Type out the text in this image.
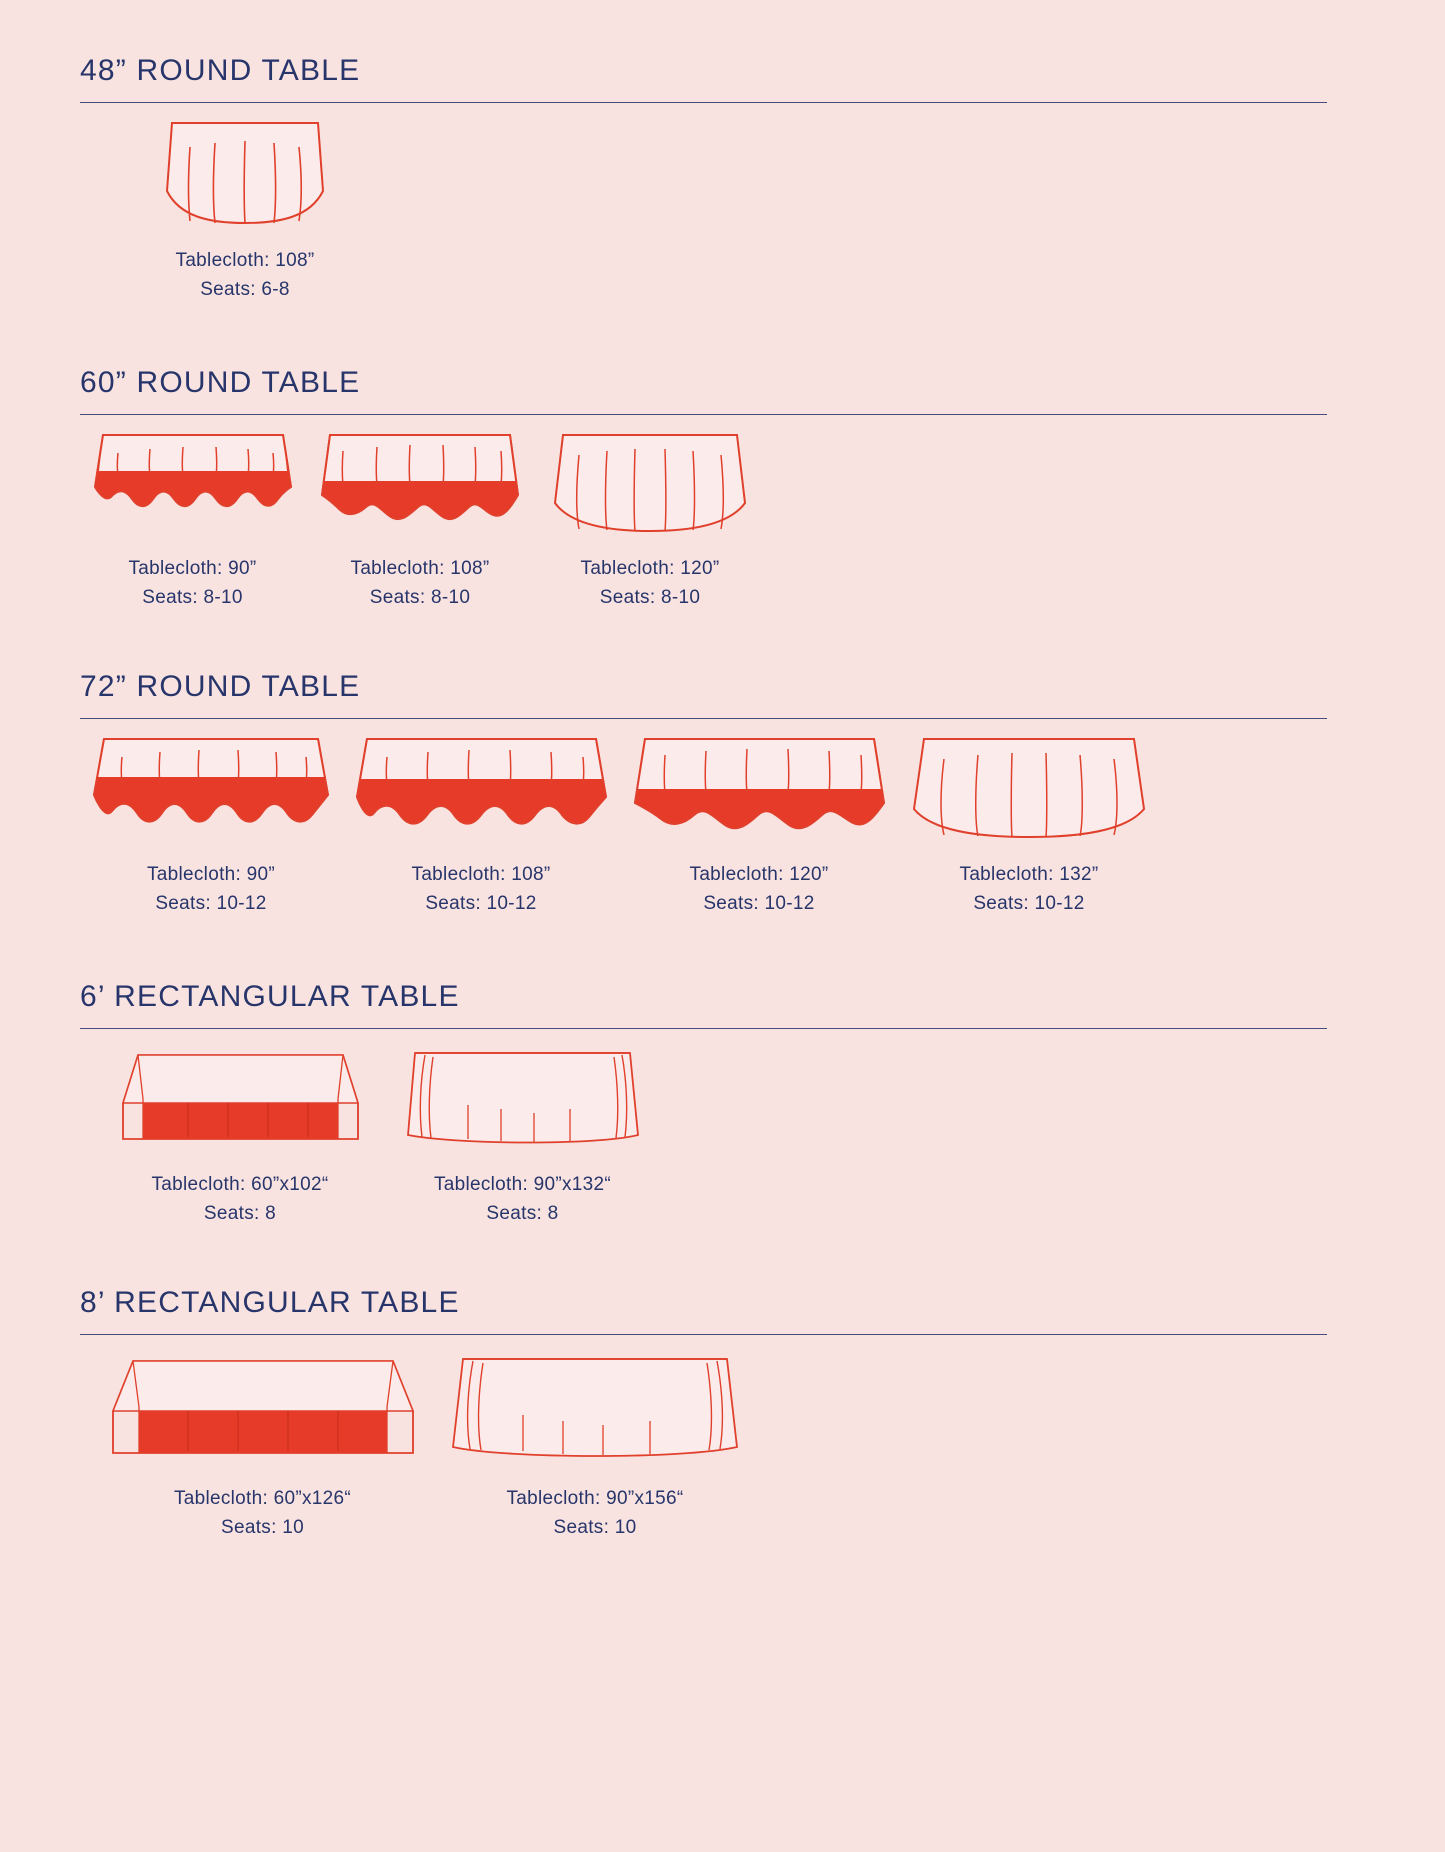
48” ROUND TABLE
Tablecloth: 108”
Seats: 6-8
60” ROUND TABLE
Tablecloth: 90”
Seats: 8-10
Tablecloth: 108”
Seats: 8-10
Tablecloth: 120”
Seats: 8-10
72” ROUND TABLE
Tablecloth: 90”
Seats: 10-12
Tablecloth: 108”
Seats: 10-12
Tablecloth: 120”
Seats: 10-12
Tablecloth: 132”
Seats: 10-12
6’ RECTANGULAR TABLE
Tablecloth: 60”x102“
Seats: 8
Tablecloth: 90”x132“
Seats: 8
8’ RECTANGULAR TABLE
Tablecloth: 60”x126“
Seats: 10
Tablecloth: 90”x156“
Seats: 10
